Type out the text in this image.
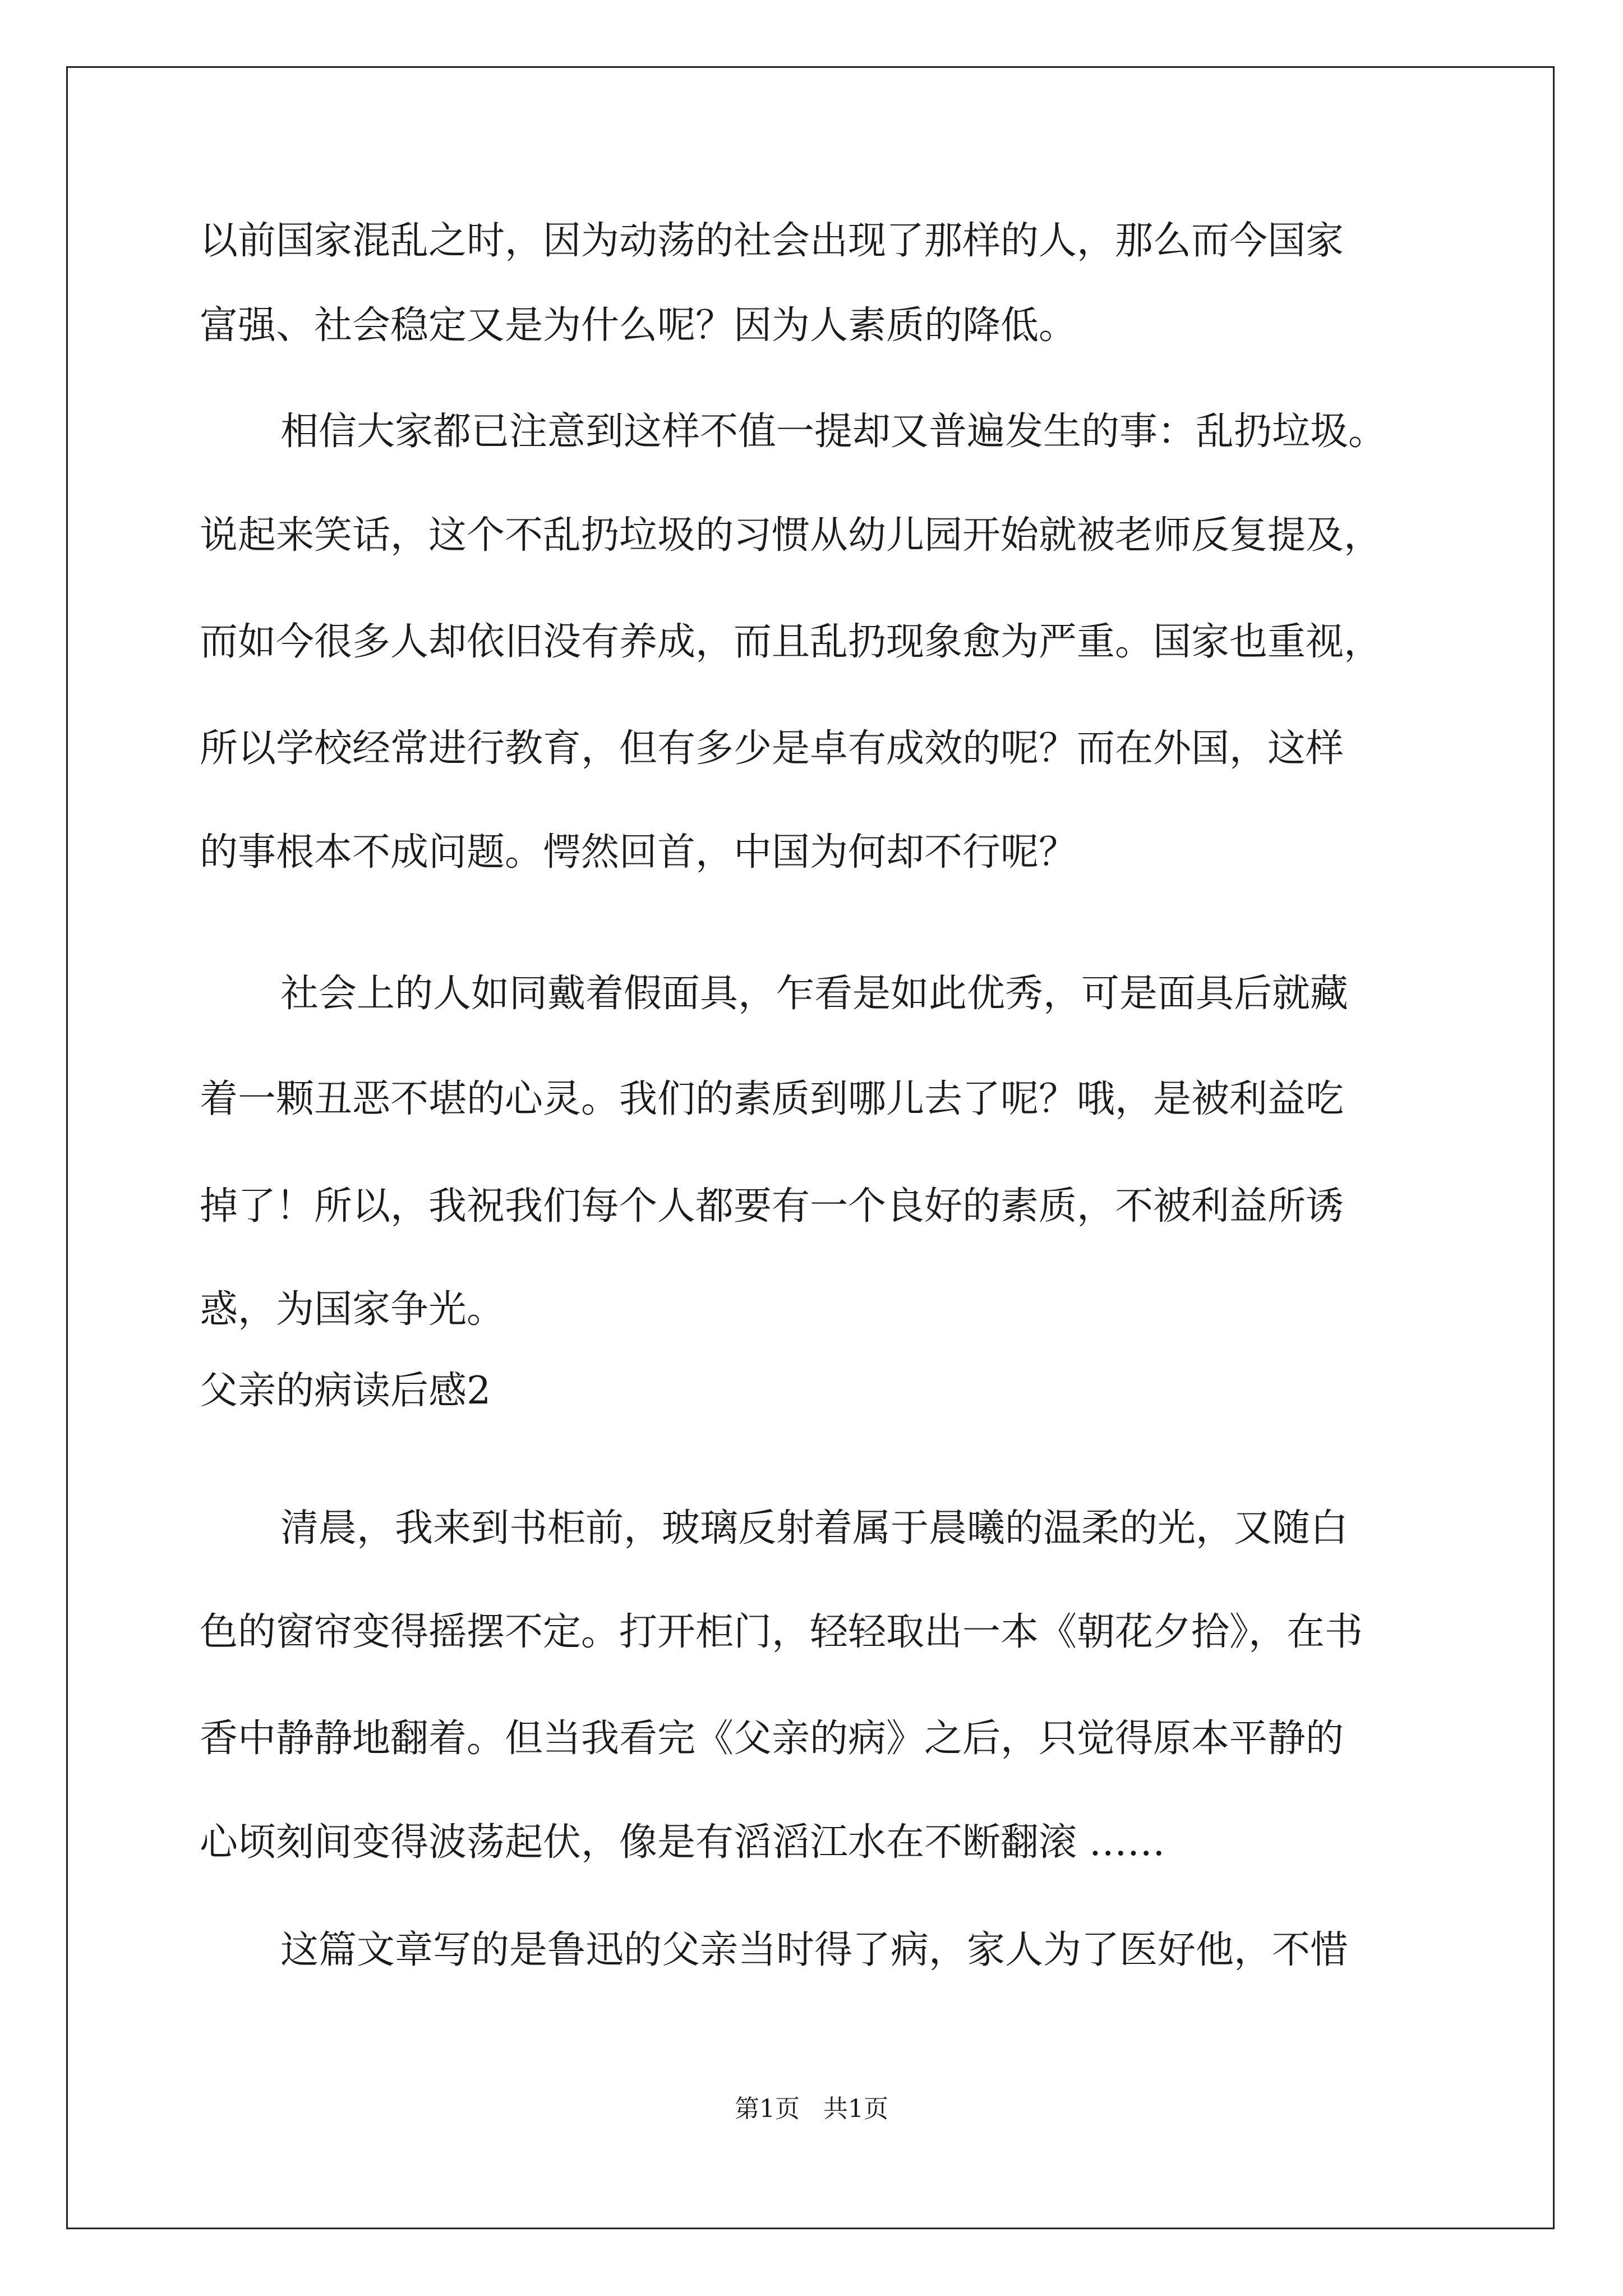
以前国家混乱之时，因为动荡的社会出现了那样的人，那么而今国家
富强、社会稳定又是为什么呢？因为人素质的降低。
相信大家都已注意到这样不值一提却又普遍发生的事：乱扔垃圾。
说起来笑话，这个不乱扔垃圾的习惯从幼儿园开始就被老师反复提及，
而如今很多人却依旧没有养成，而且乱扔现象愈为严重。国家也重视，
所以学校经常进行教育，但有多少是卓有成效的呢？而在外国，这样
的事根本不成问题。愕然回首，中国为何却不行呢？
社会上的人如同戴着假面具，乍看是如此优秀，可是面具后就藏
着一颗丑恶不堪的心灵。我们的素质到哪儿去了呢？哦，是被利益吃
掉了！所以，我祝我们每个人都要有一个良好的素质，不被利益所诱
惑，为国家争光。
父亲的病读后感2
清晨，我来到书柜前，玻璃反射着属于晨曦的温柔的光，又随白
色的窗帘变得摇摆不定。打开柜门，轻轻取出一本《朝花夕拾》，在书
香中静静地翻着。但当我看完《父亲的病》之后，只觉得原本平静的
心顷刻间变得波荡起伏，像是有滔滔江水在不断翻滚 ……
这篇文章写的是鲁迅的父亲当时得了病，家人为了医好他，不惜
第1页   共1页
